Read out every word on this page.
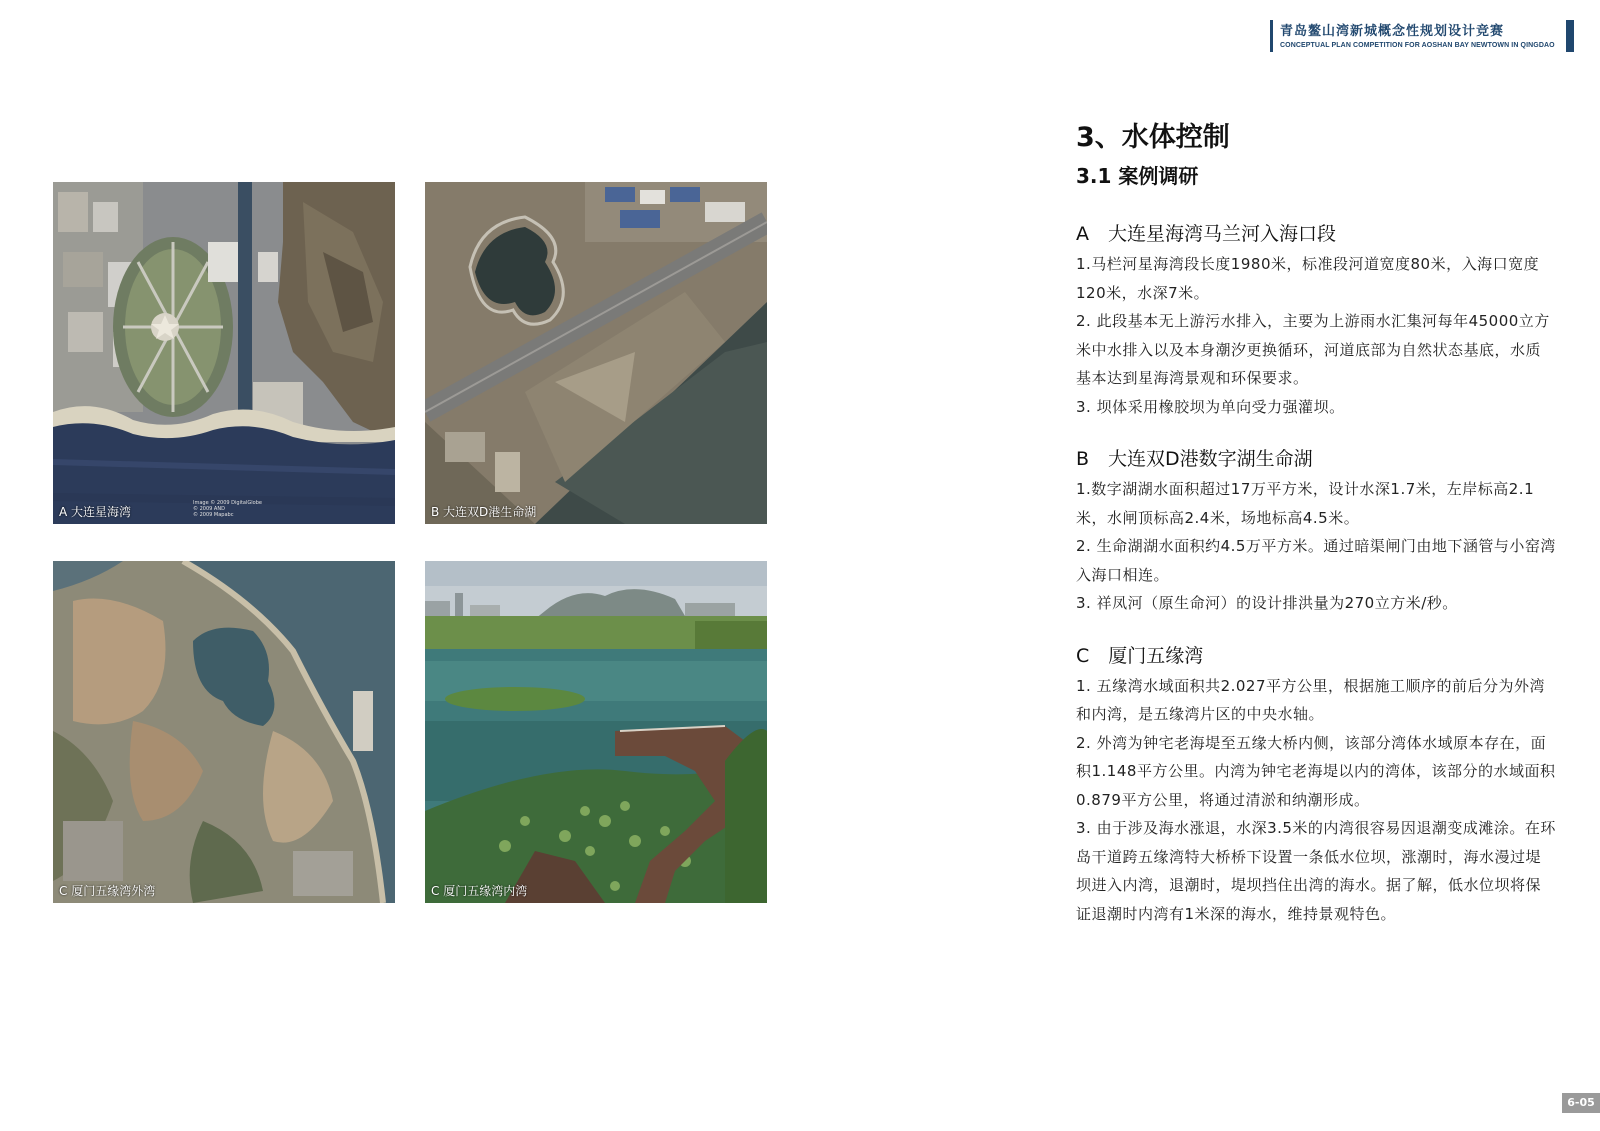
青岛鳌山湾新城概念性规划设计竞赛
CONCEPTUAL PLAN COMPETITION FOR AOSHAN BAY NEWTOWN IN QINGDAO
A 大连星海湾
Image © 2009 DigitalGlobe
© 2009 AND
© 2009 Mapabc	B 大连双D港生命湖
C 厦门五缘湾外湾	C 厦门五缘湾内湾
3、水体控制
3.1 案例调研
A　大连星海湾马兰河入海口段

1.马栏河星海湾段长度1980米，标准段河道宽度80米，入海口宽度120米，水深7米。

2. 此段基本无上游污水排入，主要为上游雨水汇集河每年45000立方米中水排入以及本身潮汐更换循环，河道底部为自然状态基底，水质基本达到星海湾景观和环保要求。

3. 坝体采用橡胶坝为单向受力强灌坝。

B　大连双D港数字湖生命湖

1.数字湖湖水面积超过17万平方米，设计水深1.7米，左岸标高2.1米，水闸顶标高2.4米，场地标高4.5米。

2. 生命湖湖水面积约4.5万平方米。通过暗渠闸门由地下涵管与小窑湾入海口相连。

3. 祥凤河（原生命河）的设计排洪量为270立方米/秒。

C　厦门五缘湾

1. 五缘湾水域面积共2.027平方公里，根据施工顺序的前后分为外湾和内湾，是五缘湾片区的中央水轴。

2. 外湾为钟宅老海堤至五缘大桥内侧，该部分湾体水域原本存在，面积1.148平方公里。内湾为钟宅老海堤以内的湾体，该部分的水域面积0.879平方公里，将通过清淤和纳潮形成。

3. 由于涉及海水涨退，水深3.5米的内湾很容易因退潮变成滩涂。在环岛干道跨五缘湾特大桥桥下设置一条低水位坝，涨潮时，海水漫过堤坝进入内湾，退潮时，堤坝挡住出湾的海水。据了解，低水位坝将保证退潮时内湾有1米深的海水，维持景观特色。

6-05
